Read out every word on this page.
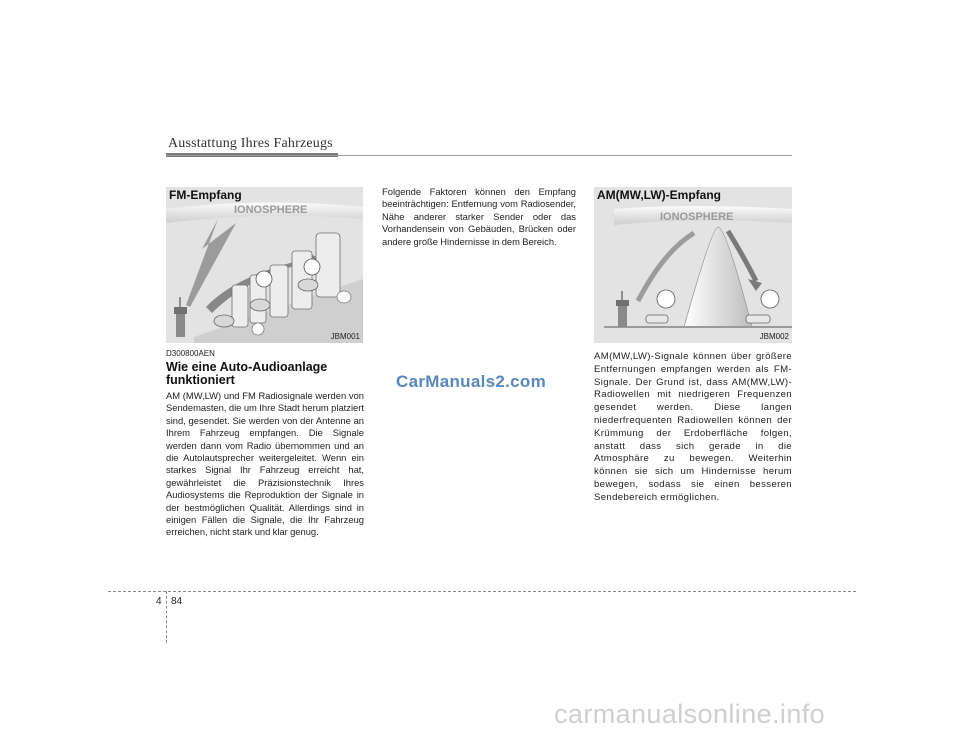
Ausstattung Ihres Fahrzeugs
IONOSPHERE
FM-Empfang
JBM001
D300800AEN
Wie eine Auto-Audioanlage funktioniert
AM (MW,LW) und FM Radiosignale werden von Sendemasten, die um Ihre Stadt herum platziert sind, gesendet. Sie werden von der Antenne an Ihrem Fahrzeug empfangen. Die Signale werden dann vom Radio übernommen und an die Autolautsprecher weitergeleitet. Wenn ein starkes Signal Ihr Fahrzeug erreicht hat, gewährleistet die Präzisionstechnik Ihres Audiosystems die Reproduktion der Signale in der bestmöglichen Qualität. Allerdings sind in einigen Fällen die Signale, die Ihr Fahrzeug erreichen, nicht stark und klar genug.
Folgende Faktoren können den Empfang beeinträchtigen: Entfernung vom Radiosender, Nähe anderer starker Sender oder das Vorhandensein von Gebäuden, Brücken oder andere große Hindernisse in dem Bereich.
IONOSPHERE
AM(MW,LW)-Empfang
JBM002
AM(MW,LW)-Signale können über größere Entfernungen empfangen werden als FM-Signale. Der Grund ist, dass AM(MW,LW)-Radiowellen mit niedrigeren Frequenzen gesendet werden. Diese langen niederfrequenten Radiowellen können der Krümmung der Erdoberfläche folgen, anstatt dass sich gerade in die Atmosphäre zu bewegen. Weiterhin können sie sich um Hindernisse herum bewegen, sodass sie einen besseren Sendebereich ermöglichen.
CarManuals2.com
4 84
carmanualsonline.info
